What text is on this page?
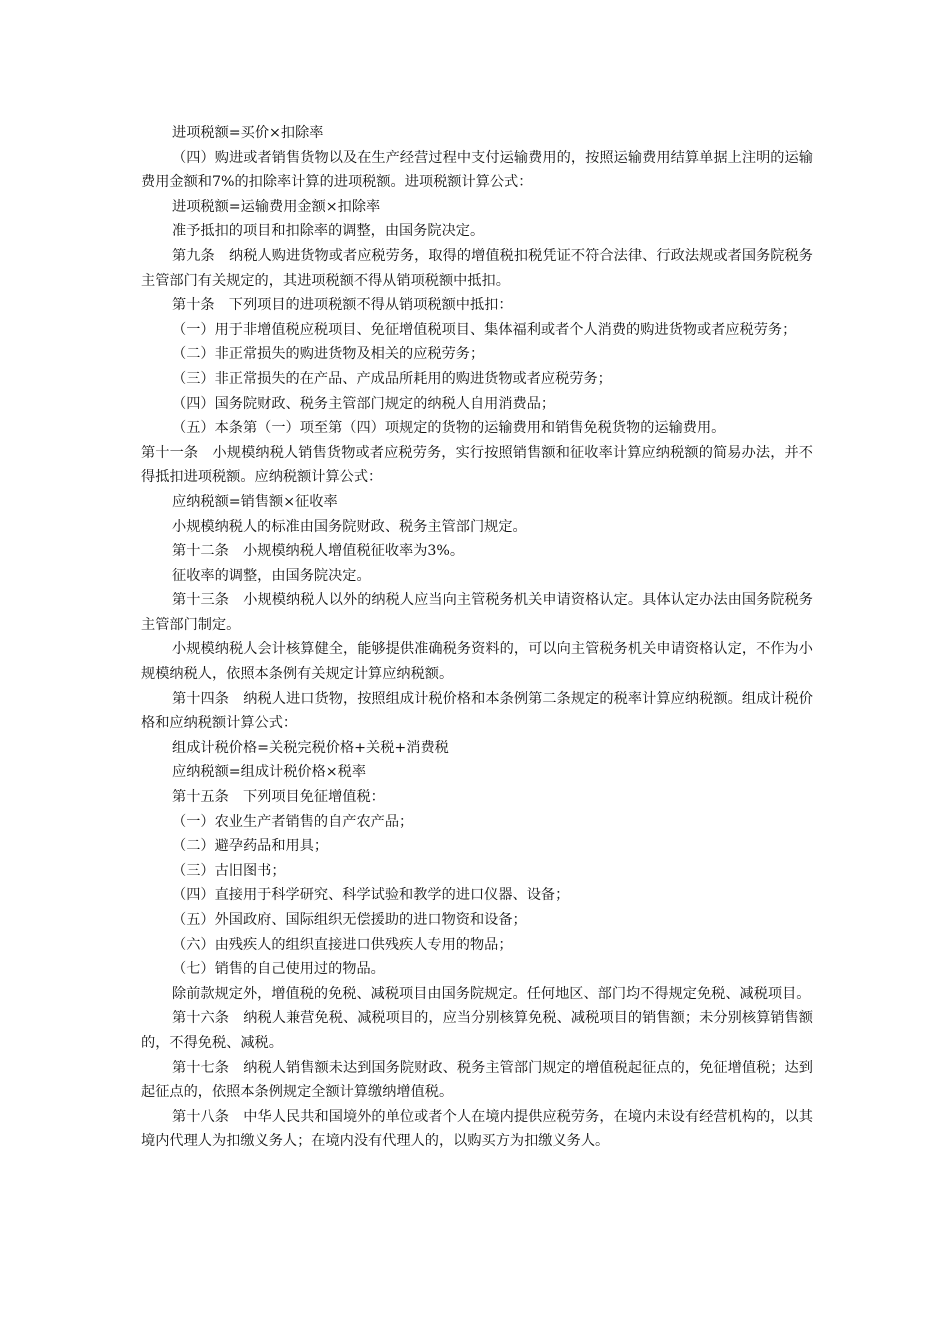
进项税额=买价×扣除率

（四）购进或者销售货物以及在生产经营过程中支付运输费用的，按照运输费用结算单据上注明的运输费用金额和7%的扣除率计算的进项税额。进项税额计算公式：

进项税额=运输费用金额×扣除率

准予抵扣的项目和扣除率的调整，由国务院决定。

第九条　纳税人购进货物或者应税劳务，取得的增值税扣税凭证不符合法律、行政法规或者国务院税务主管部门有关规定的，其进项税额不得从销项税额中抵扣。

第十条　下列项目的进项税额不得从销项税额中抵扣：

（一）用于非增值税应税项目、免征增值税项目、集体福利或者个人消费的购进货物或者应税劳务；

（二）非正常损失的购进货物及相关的应税劳务；

（三）非正常损失的在产品、产成品所耗用的购进货物或者应税劳务；

（四）国务院财政、税务主管部门规定的纳税人自用消费品；

（五）本条第（一）项至第（四）项规定的货物的运输费用和销售免税货物的运输费用。

第十一条　小规模纳税人销售货物或者应税劳务，实行按照销售额和征收率计算应纳税额的简易办法，并不得抵扣进项税额。应纳税额计算公式：

应纳税额=销售额×征收率

小规模纳税人的标准由国务院财政、税务主管部门规定。

第十二条　小规模纳税人增值税征收率为3%。

征收率的调整，由国务院决定。

第十三条　小规模纳税人以外的纳税人应当向主管税务机关申请资格认定。具体认定办法由国务院税务主管部门制定。

小规模纳税人会计核算健全，能够提供准确税务资料的，可以向主管税务机关申请资格认定，不作为小规模纳税人，依照本条例有关规定计算应纳税额。

第十四条　纳税人进口货物，按照组成计税价格和本条例第二条规定的税率计算应纳税额。组成计税价格和应纳税额计算公式：

组成计税价格=关税完税价格+关税+消费税

应纳税额=组成计税价格×税率

第十五条　下列项目免征增值税：

（一）农业生产者销售的自产农产品；

（二）避孕药品和用具；

（三）古旧图书；

（四）直接用于科学研究、科学试验和教学的进口仪器、设备；

（五）外国政府、国际组织无偿援助的进口物资和设备；

（六）由残疾人的组织直接进口供残疾人专用的物品；

（七）销售的自己使用过的物品。

除前款规定外，增值税的免税、减税项目由国务院规定。任何地区、部门均不得规定免税、减税项目。

第十六条　纳税人兼营免税、减税项目的，应当分别核算免税、减税项目的销售额；未分别核算销售额的，不得免税、减税。

第十七条　纳税人销售额未达到国务院财政、税务主管部门规定的增值税起征点的，免征增值税；达到起征点的，依照本条例规定全额计算缴纳增值税。

第十八条　中华人民共和国境外的单位或者个人在境内提供应税劳务，在境内未设有经营机构的，以其境内代理人为扣缴义务人；在境内没有代理人的，以购买方为扣缴义务人。
